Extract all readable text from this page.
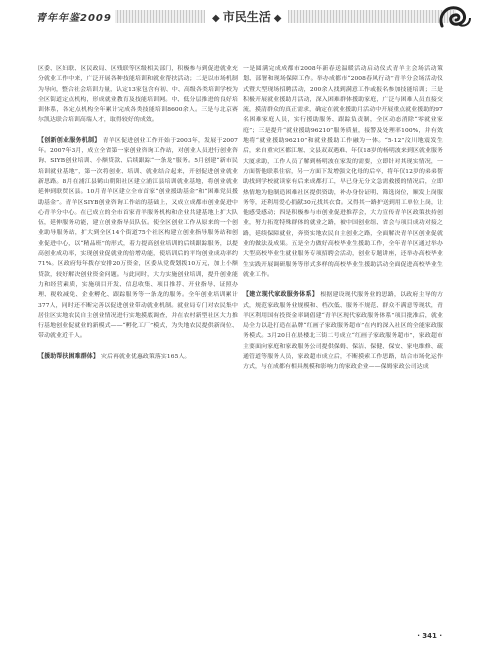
青年年鉴2009	◆ 市民生活 ◆

区委、区妇联、区民政局、区残联等区级相关部门，积极参与到促进就业充分就业工作中来，广泛开展各种技能培训和就业帮扶活动；二是以市场机制为导向，整合社会培训力量，认定13家包含有初、中、高级各类培训学校为全区街道定点机构，形成就业教育及技能培训网。中、低分层推进的良好培训体系，各定点机构全年累计完成各类技能培训8600余人。三是与北京赛尔凯达联合培训高端人才，取得较好的成效。

【创新创业服务机制】 青羊区促进创业工作开始于2003年，发展于2007年。2007年3月，成立全省第一家创业咨询工作站，对创业人员进行创业咨询、SIYB创业培训、小额贷款、后续跟踪“一条龙”服务。5月创建“新市民培训就业基地”，第一次将创业、培训、就业结合起来，开创促进创业就业新思路。8月在浦江县鹤山朝阳社区建立浦江县培训就业基地，将创业就业延伸到联贸区县。10月青羊区建立全市首家“创业援助基金”和“困难党员援助基金”。青羊区SIYB创业咨询工作站的基础上，又成立成都市创业促进中心青羊分中心。在已成立的全市首家青羊服务机构和企业共建基地上扩大队伍，延伸服务功能，建立创业指导员队伍。使全区创业工作从原来的一个创业助导服务站，扩大到全区14个街道75个社区构建立创业指导服务站和创业促进中心，以“精品班”的形式，着力提高创业培训的后续跟踪服务，以提高创业成功率，实现创业促就业的倍增功能，使培训后的平均创业成功率约71%。区政府每年拨存安排20万资金，区委从党费划拨10万元，加上小额贷款，较好解决创业资金问题。与此同时，大力实施创业培训，提升创业能力和经营素质，实施项目开发、信息收集、项目推荐、开业指导、证照办理、税收减免、企业孵化、跟踪服务等一条龙的服务。全年创业培训累计377人，同时还不断完善以促进创业带动就业机制。就业局专门对农民集中居住区实地农民自主创业情况进行实地摸底调查，并在农村新型社区大力推行基地创业促就业的新模式——“孵化工厂”模式，为失地农民提供新岗位、带动就业近千人。

【援助帮扶困难群体】 灾后再就业优惠政策落实165人。

一是圆满完成成都市2008年新春送温暖活动启动仪式青羊主会场活动策划、部署和现场保障工作。举办成都市“2008春风行动”青羊分会场活动仪式暨大型现场招聘活动，200余人找到满意工作或报名参加技能培训；三是积极开展就业援助月活动，深入困难群体援助家庭，广泛与困难人员直接交流，摸清群众的真正需求，确定在就业援助月活动中开展重点就业援助的97名困难家庭人员，实行援助服务、跟踪负责制，全区动态消除“零就业家庭”；三是提升“就业援助96210”服务质量，接警及处理率100%，并有效地将“就业援助96210”和就业援助工作融为一体。“5·12”汶川地震发生后，来自重灾区都江堰、文县双双遇难、年仅18岁的杨明波来到区就业服务大厦求助，工作人员了解到杨明波在家发的需要，立即针对其现实情况，一方面帮他联系住宿，另一方面下发增强文化母的后卒，将年仅12岁的弟弟帮助找到学校就读家有后来成都打工，早已身无分文急需救援的情况后，立即热情地为他制造困难社区提供资助，补办身份证明、筛选岗位，顺发上岗服务等，还利用爱心捐献30元找其衣食。又得其一路护送到用工单位上岗，让他感受感动；四是积极参与市创业促进推荐会，大力宣传青羊区政策扶持创业，努力拓宽特殊群体的就业之路，被中国创业组、省会与项目成功对接之路，延续保障就业，奔资实地农民自主创业之路，全面解决青羊区创业促就业的做法及成果。五是全力做好高校毕业生援助工作，全年青羊区通过举办大型高校毕业生就业服务专项招聘会活动，创业专题讲座，还举办高校毕业生实践开展调研服务等形式多样的高校毕业生援助活动全面促进高校毕业生就业工作。

【建立现代家政服务体系】 根据建设现代服务业的思路，以政府主导的方式，规范家政服务业规模和、档次低、服务不规范、群众不满意等现状，青羊区利用国有投资金率调倡建“青羊区现代家政服务体系”项目批准后，就业局全力以赴打造在品牌“红画子家政服务超市”在内的深入社区的全能家政服务模式。3月20日在晨楼北三街二号成立“红画子家政服务超市”，家政超市主要面向家庭和家政服务公司提供保姆、保洁、保健、保安、家电维修、疏通管道等服务人员，家政超市成立后，不断摸索工作思路，结合市场化运作方式，与在成都有相具规模和影响力的家政企业——保姆家政公司达成

· 341 ·
